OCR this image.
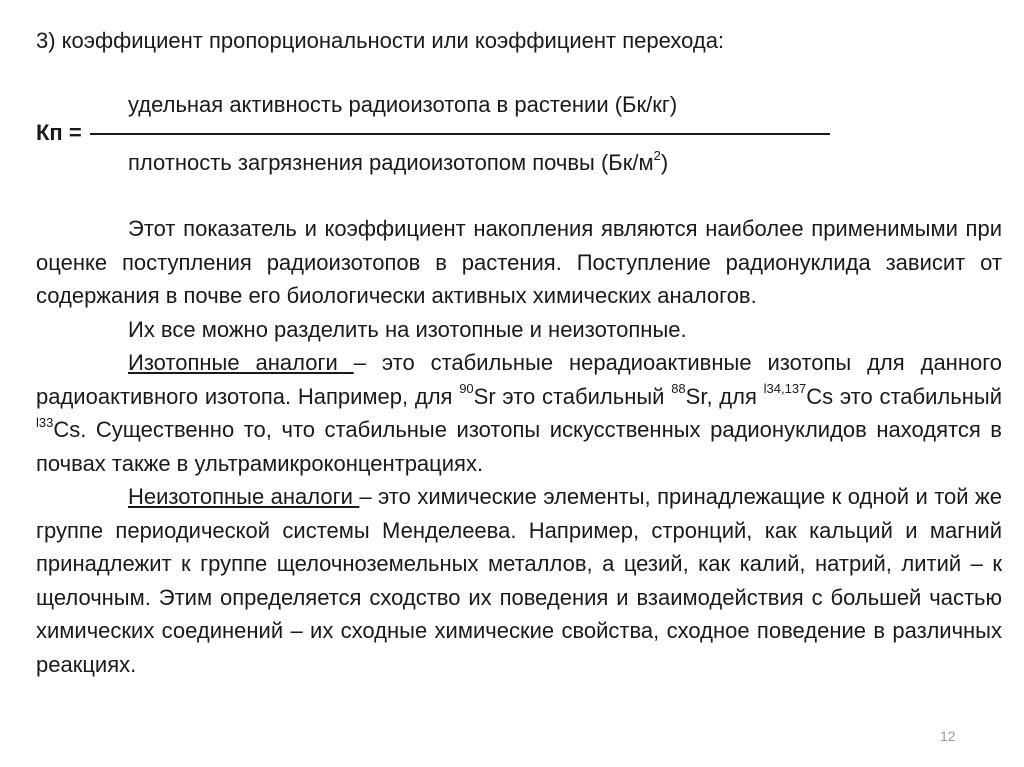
3) коэффициент пропорциональности или коэффициент перехода:
удельная активность радиоизотопа в растении (Бк/кг)
Кп =
плотность загрязнения радиоизотопом почвы $(Бк/м^2)$

Этот показатель и коэффициент накопления являются наиболее применимыми при оценке поступления радиоизотопов в растения. Поступление радионуклида зависит от содержания в почве его биологически активных химических аналогов.

Их все можно разделить на изотопные и неизотопные.

Изотопные аналоги – это стабильные нерадиоактивные изотопы для данного радиоактивного изотопа. Например, для $^{90}$Sr это стабильный $^{88}$Sr, для $^{l34,137}$Cs это стабильный $^{l33}$Cs. Существенно то, что стабильные изотопы искусственных радионуклидов находятся в почвах также в ультрамикроконцентрациях.

Неизотопные аналоги – это химические элементы, принадлежащие к одной и той же группе периодической системы Менделеева. Например, стронций, как кальций и магний принадлежит к группе щелочноземельных металлов, а цезий, как калий, натрий, литий – к щелочным. Этим определяется сходство их поведения и взаимодействия с большей частью химических соединений – их сходные химические свойства, сходное поведение в различных реакциях.

12
